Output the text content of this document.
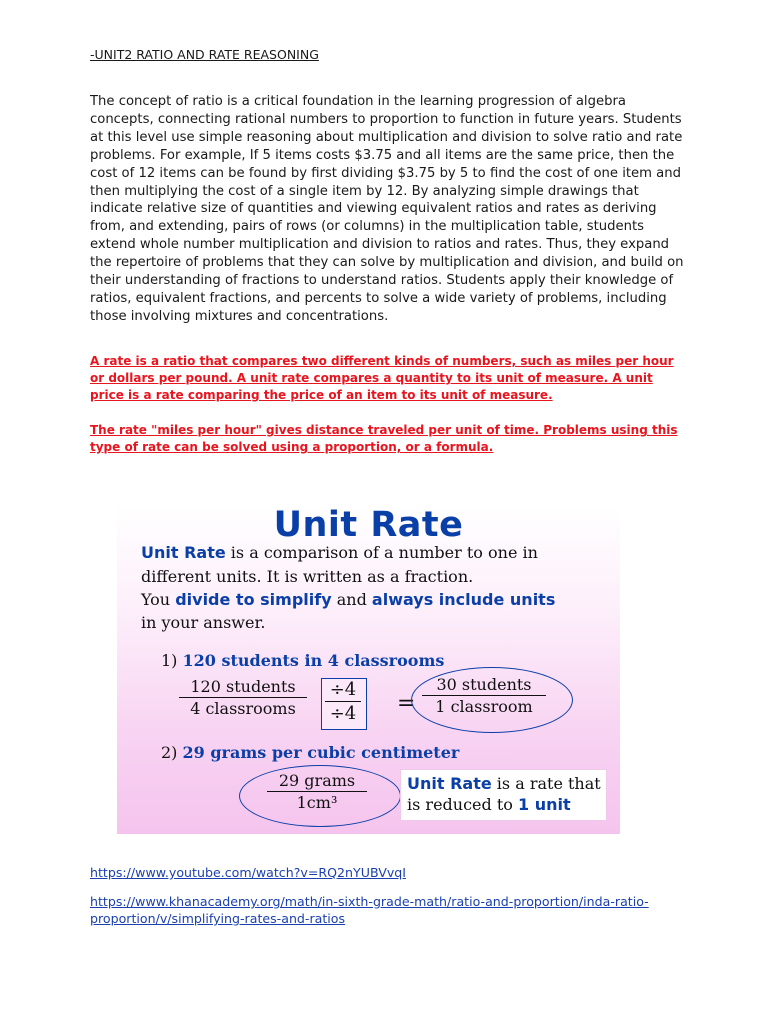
-UNIT2 RATIO AND RATE REASONING
The concept of ratio is a critical foundation in the learning progression of algebra concepts, connecting rational numbers to proportion to function in future years. Students at this level use simple reasoning about multiplication and division to solve ratio and rate problems. For example, If 5 items costs $3.75 and all items are the same price, then the cost of 12 items can be found by first dividing $3.75 by 5 to find the cost of one item and then multiplying the cost of a single item by 12. By analyzing simple drawings that indicate relative size of quantities and viewing equivalent ratios and rates as deriving from, and extending, pairs of rows (or columns) in the multiplication table, students extend whole number multiplication and division to ratios and rates. Thus, they expand the repertoire of problems that they can solve by multiplication and division, and build on their understanding of fractions to understand ratios. Students apply their knowledge of ratios, equivalent fractions, and percents to solve a wide variety of problems, including those involving mixtures and concentrations.
A rate is a ratio that compares two different kinds of numbers, such as miles per hour or dollars per pound. A unit rate compares a quantity to its unit of measure. A unit price is a rate comparing the price of an item to its unit of measure.
The rate "miles per hour" gives distance traveled per unit of time. Problems using this type of rate can be solved using a proportion, or a formula.
Unit Rate
Unit Rate is a comparison of a number to one in
different units. It is written as a fraction.
You divide to simplify and always include units
in your answer.
1) 120 students in 4 classrooms
120 students
4 classrooms
÷4
÷4 =
30 students
1 classroom
2) 29 grams per cubic centimeter
29 grams
1cm³
Unit Rate is a rate that
is reduced to 1 unit
https://www.youtube.com/watch?v=RQ2nYUBVvqI
https://www.khanacademy.org/math/in-sixth-grade-math/ratio-and-proportion/inda-ratio-proportion/v/simplifying-rates-and-ratios
